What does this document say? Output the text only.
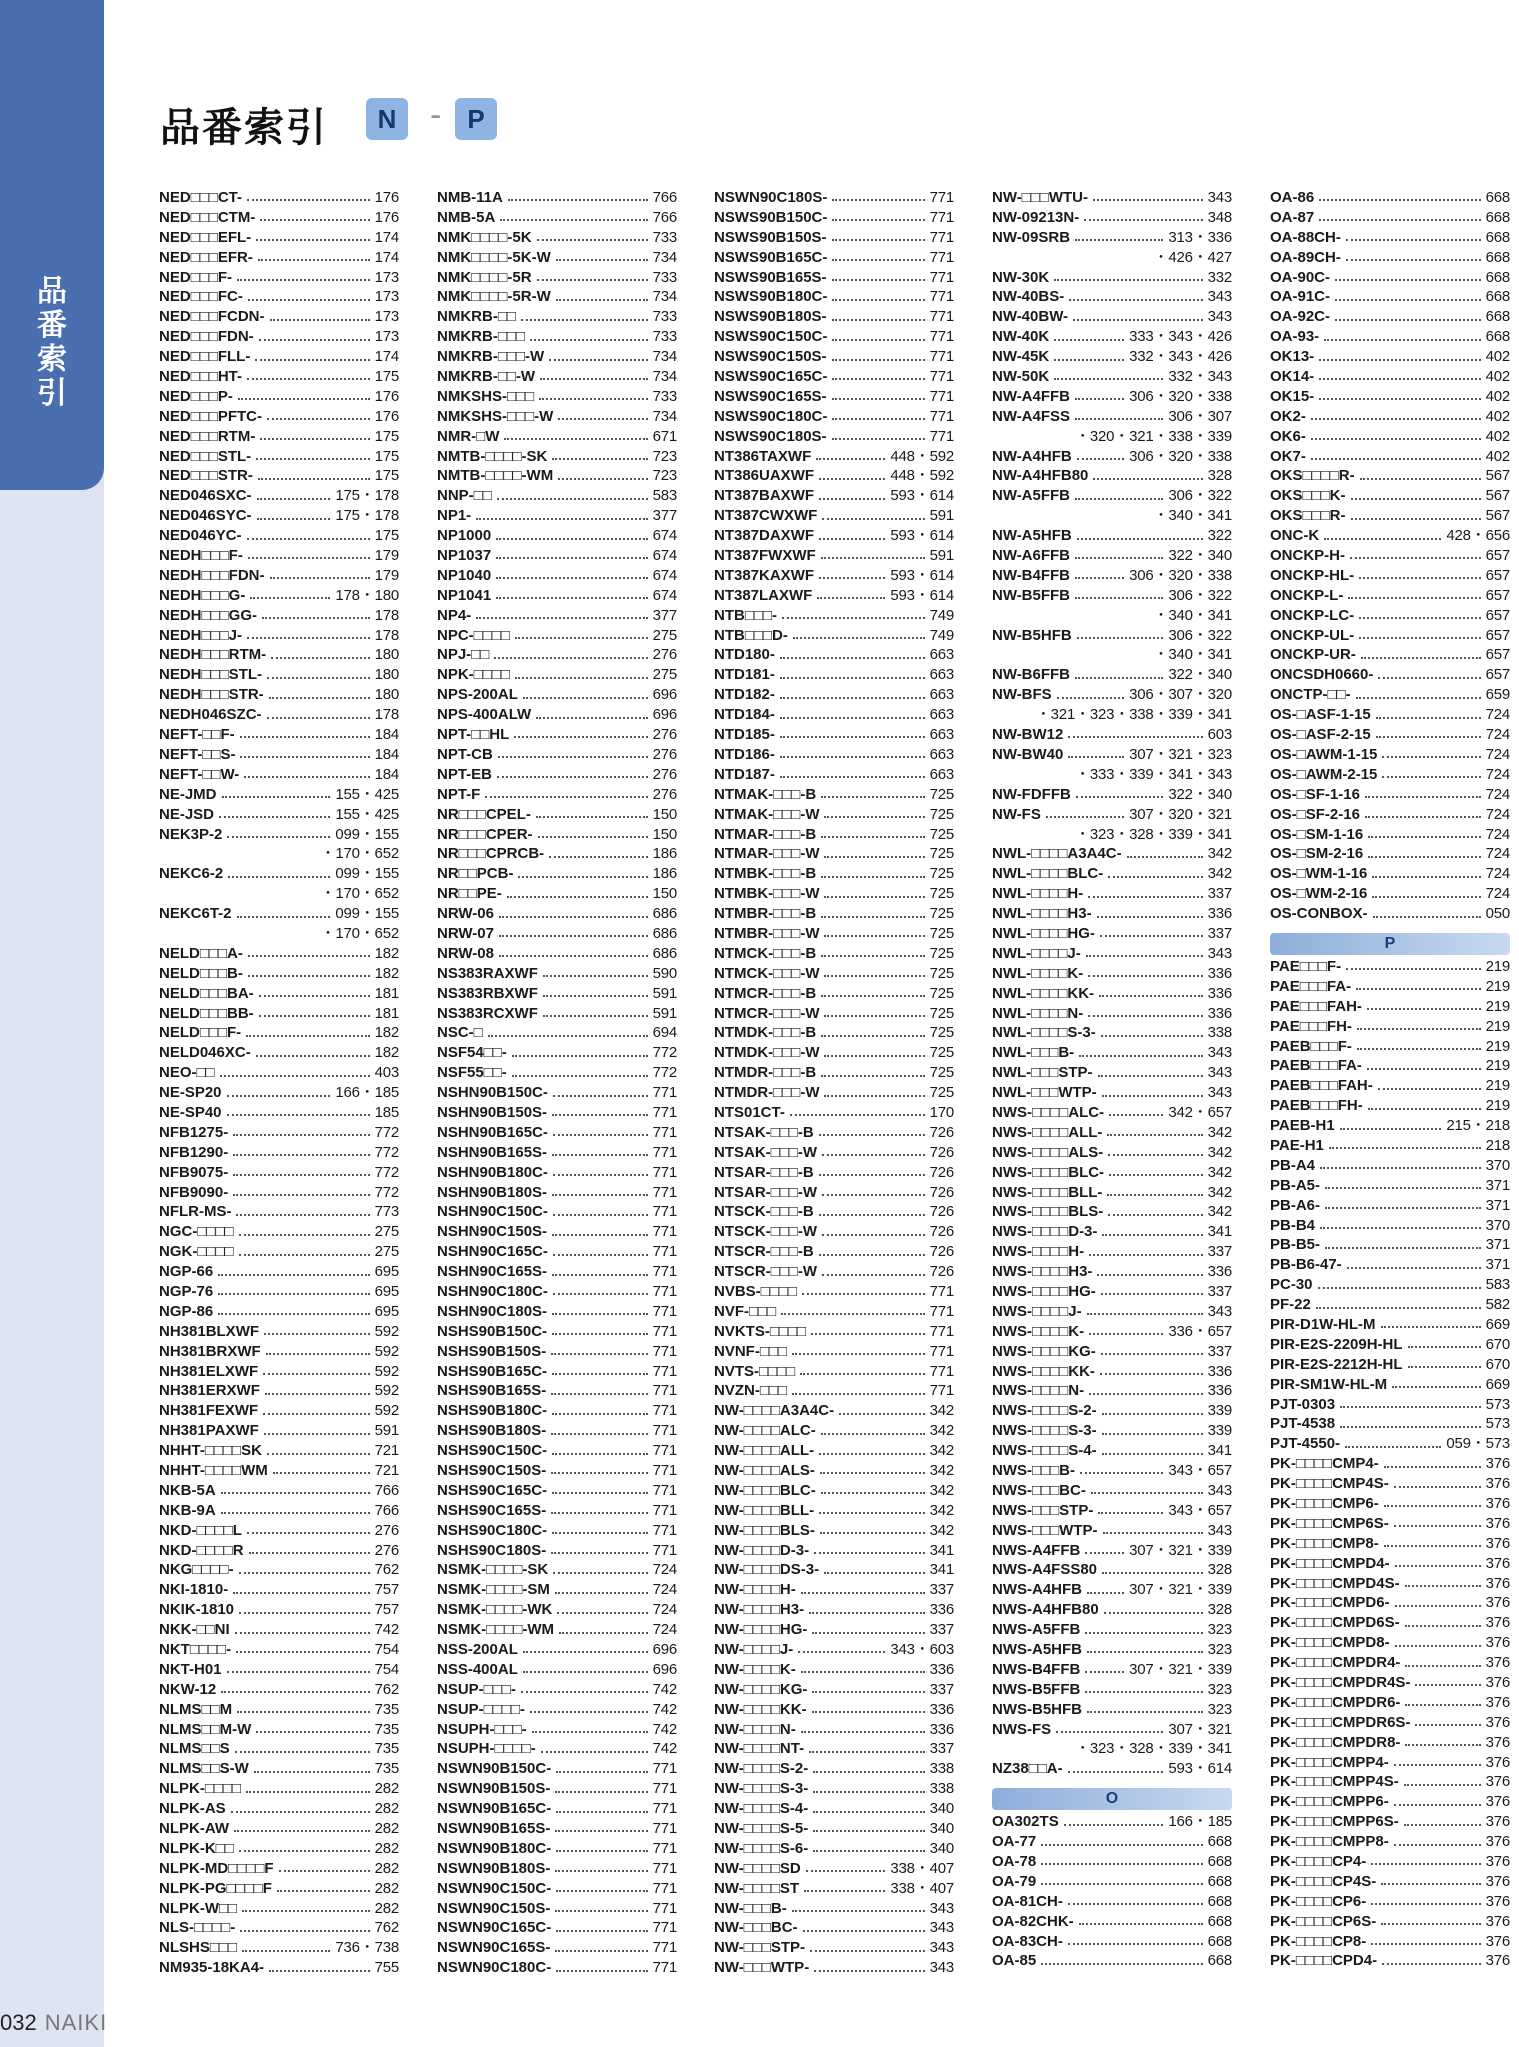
品
番
索
引
品番索引	N -	P
NED□□□CT-	176
NED□□□CTM-	176
NED□□□EFL-	174
NED□□□EFR-	174
NED□□□F-	173
NED□□□FC-	173
NED□□□FCDN-	173
NED□□□FDN-	173
NED□□□FLL-	174
NED□□□HT-	175
NED□□□P-	176
NED□□□PFTC-	176
NED□□□RTM-	175
NED□□□STL-	175
NED□□□STR-	175
NED046SXC-	175・178
NED046SYC-	175・178
NED046YC-	175
NEDH□□□F-	179
NEDH□□□FDN-	179
NEDH□□□G-	178・180
NEDH□□□GG-	178
NEDH□□□J-	178
NEDH□□□RTM-	180
NEDH□□□STL-	180
NEDH□□□STR-	180
NEDH046SZC-	178
NEFT-□□F-	184
NEFT-□□S-	184
NEFT-□□W-	184
NE-JMD	155・425
NE-JSD	155・425
NEK3P-2	099・155
・170・652
NEKC6-2	099・155
・170・652
NEKC6T-2	099・155
・170・652
NELD□□□A-	182
NELD□□□B-	182
NELD□□□BA-	181
NELD□□□BB-	181
NELD□□□F-	182
NELD046XC-	182
NEO-□□	403
NE-SP20	166・185
NE-SP40	185
NFB1275-	772
NFB1290-	772
NFB9075-	772
NFB9090-	772
NFLR-MS-	773
NGC-□□□□	275
NGK-□□□□	275
NGP-66	695
NGP-76	695
NGP-86	695
NH381BLXWF	592
NH381BRXWF	592
NH381ELXWF	592
NH381ERXWF	592
NH381FEXWF	592
NH381PAXWF	591
NHHT-□□□□SK	721
NHHT-□□□□WM	721
NKB-5A	766
NKB-9A	766
NKD-□□□□L	276
NKD-□□□□R	276
NKG□□□□-	762
NKI-1810-	757
NKIK-1810	757
NKK-□□NI	742
NKT□□□□-	754
NKT-H01	754
NKW-12	762
NLMS□□M	735
NLMS□□M-W	735
NLMS□□S	735
NLMS□□S-W	735
NLPK-□□□□	282
NLPK-AS	282
NLPK-AW	282
NLPK-K□□	282
NLPK-MD□□□□F	282
NLPK-PG□□□□F	282
NLPK-W□□	282
NLS-□□□□-	762
NLSHS□□□	736・738
NM935-18KA4-	755
NMB-11A	766
NMB-5A	766
NMK□□□□-5K	733
NMK□□□□-5K-W	734
NMK□□□□-5R	733
NMK□□□□-5R-W	734
NMKRB-□□	733
NMKRB-□□□	733
NMKRB-□□□-W	734
NMKRB-□□-W	734
NMKSHS-□□□	733
NMKSHS-□□□-W	734
NMR-□W	671
NMTB-□□□□-SK	723
NMTB-□□□□-WM	723
NNP-□□	583
NP1-	377
NP1000	674
NP1037	674
NP1040	674
NP1041	674
NP4-	377
NPC-□□□□	275
NPJ-□□	276
NPK-□□□□	275
NPS-200AL	696
NPS-400ALW	696
NPT-□□HL	276
NPT-CB	276
NPT-EB	276
NPT-F	276
NR□□□CPEL-	150
NR□□□CPER-	150
NR□□□CPRCB-	186
NR□□PCB-	186
NR□□PE-	150
NRW-06	686
NRW-07	686
NRW-08	686
NS383RAXWF	590
NS383RBXWF	591
NS383RCXWF	591
NSC-□	694
NSF54□□-	772
NSF55□□-	772
NSHN90B150C-	771
NSHN90B150S-	771
NSHN90B165C-	771
NSHN90B165S-	771
NSHN90B180C-	771
NSHN90B180S-	771
NSHN90C150C-	771
NSHN90C150S-	771
NSHN90C165C-	771
NSHN90C165S-	771
NSHN90C180C-	771
NSHN90C180S-	771
NSHS90B150C-	771
NSHS90B150S-	771
NSHS90B165C-	771
NSHS90B165S-	771
NSHS90B180C-	771
NSHS90B180S-	771
NSHS90C150C-	771
NSHS90C150S-	771
NSHS90C165C-	771
NSHS90C165S-	771
NSHS90C180C-	771
NSHS90C180S-	771
NSMK-□□□□-SK	724
NSMK-□□□□-SM	724
NSMK-□□□□-WK	724
NSMK-□□□□-WM	724
NSS-200AL	696
NSS-400AL	696
NSUP-□□□-	742
NSUP-□□□□-	742
NSUPH-□□□-	742
NSUPH-□□□□-	742
NSWN90B150C-	771
NSWN90B150S-	771
NSWN90B165C-	771
NSWN90B165S-	771
NSWN90B180C-	771
NSWN90B180S-	771
NSWN90C150C-	771
NSWN90C150S-	771
NSWN90C165C-	771
NSWN90C165S-	771
NSWN90C180C-	771
NSWN90C180S-	771
NSWS90B150C-	771
NSWS90B150S-	771
NSWS90B165C-	771
NSWS90B165S-	771
NSWS90B180C-	771
NSWS90B180S-	771
NSWS90C150C-	771
NSWS90C150S-	771
NSWS90C165C-	771
NSWS90C165S-	771
NSWS90C180C-	771
NSWS90C180S-	771
NT386TAXWF	448・592
NT386UAXWF	448・592
NT387BAXWF	593・614
NT387CWXWF	591
NT387DAXWF	593・614
NT387FWXWF	591
NT387KAXWF	593・614
NT387LAXWF	593・614
NTB□□□-	749
NTB□□□D-	749
NTD180-	663
NTD181-	663
NTD182-	663
NTD184-	663
NTD185-	663
NTD186-	663
NTD187-	663
NTMAK-□□□-B	725
NTMAK-□□□-W	725
NTMAR-□□□-B	725
NTMAR-□□□-W	725
NTMBK-□□□-B	725
NTMBK-□□□-W	725
NTMBR-□□□-B	725
NTMBR-□□□-W	725
NTMCK-□□□-B	725
NTMCK-□□□-W	725
NTMCR-□□□-B	725
NTMCR-□□□-W	725
NTMDK-□□□-B	725
NTMDK-□□□-W	725
NTMDR-□□□-B	725
NTMDR-□□□-W	725
NTS01CT-	170
NTSAK-□□□-B	726
NTSAK-□□□-W	726
NTSAR-□□□-B	726
NTSAR-□□□-W	726
NTSCK-□□□-B	726
NTSCK-□□□-W	726
NTSCR-□□□-B	726
NTSCR-□□□-W	726
NVBS-□□□□	771
NVF-□□□	771
NVKTS-□□□□	771
NVNF-□□□	771
NVTS-□□□□	771
NVZN-□□□	771
NW-□□□□A3A4C-	342
NW-□□□□ALC-	342
NW-□□□□ALL-	342
NW-□□□□ALS-	342
NW-□□□□BLC-	342
NW-□□□□BLL-	342
NW-□□□□BLS-	342
NW-□□□□D-3-	341
NW-□□□□DS-3-	341
NW-□□□□H-	337
NW-□□□□H3-	336
NW-□□□□HG-	337
NW-□□□□J-	343・603
NW-□□□□K-	336
NW-□□□□KG-	337
NW-□□□□KK-	336
NW-□□□□N-	336
NW-□□□□NT-	337
NW-□□□□S-2-	338
NW-□□□□S-3-	338
NW-□□□□S-4-	340
NW-□□□□S-5-	340
NW-□□□□S-6-	340
NW-□□□□SD	338・407
NW-□□□□ST	338・407
NW-□□□B-	343
NW-□□□BC-	343
NW-□□□STP-	343
NW-□□□WTP-	343
NW-□□□WTU-	343
NW-09213N-	348
NW-09SRB	313・336
・426・427
NW-30K	332
NW-40BS-	343
NW-40BW-	343
NW-40K	333・343・426
NW-45K	332・343・426
NW-50K	332・343
NW-A4FFB	306・320・338
NW-A4FSS	306・307
・320・321・338・339
NW-A4HFB	306・320・338
NW-A4HFB80	328
NW-A5FFB	306・322
・340・341
NW-A5HFB	322
NW-A6FFB	322・340
NW-B4FFB	306・320・338
NW-B5FFB	306・322
・340・341
NW-B5HFB	306・322
・340・341
NW-B6FFB	322・340
NW-BFS	306・307・320
・321・323・338・339・341
NW-BW12	603
NW-BW40	307・321・323
・333・339・341・343
NW-FDFFB	322・340
NW-FS	307・320・321
・323・328・339・341
NWL-□□□□A3A4C-	342
NWL-□□□□BLC-	342
NWL-□□□□H-	337
NWL-□□□□H3-	336
NWL-□□□□HG-	337
NWL-□□□□J-	343
NWL-□□□□K-	336
NWL-□□□□KK-	336
NWL-□□□□N-	336
NWL-□□□□S-3-	338
NWL-□□□B-	343
NWL-□□□STP-	343
NWL-□□□WTP-	343
NWS-□□□□ALC-	342・657
NWS-□□□□ALL-	342
NWS-□□□□ALS-	342
NWS-□□□□BLC-	342
NWS-□□□□BLL-	342
NWS-□□□□BLS-	342
NWS-□□□□D-3-	341
NWS-□□□□H-	337
NWS-□□□□H3-	336
NWS-□□□□HG-	337
NWS-□□□□J-	343
NWS-□□□□K-	336・657
NWS-□□□□KG-	337
NWS-□□□□KK-	336
NWS-□□□□N-	336
NWS-□□□□S-2-	339
NWS-□□□□S-3-	339
NWS-□□□□S-4-	341
NWS-□□□B-	343・657
NWS-□□□BC-	343
NWS-□□□STP-	343・657
NWS-□□□WTP-	343
NWS-A4FFB	307・321・339
NWS-A4FSS80	328
NWS-A4HFB	307・321・339
NWS-A4HFB80	328
NWS-A5FFB	323
NWS-A5HFB	323
NWS-B4FFB	307・321・339
NWS-B5FFB	323
NWS-B5HFB	323
NWS-FS	307・321
・323・328・339・341
NZ38□□A-	593・614
O
OA302TS	166・185
OA-77	668
OA-78	668
OA-79	668
OA-81CH-	668
OA-82CHK-	668
OA-83CH-	668
OA-85	668
OA-86	668
OA-87	668
OA-88CH-	668
OA-89CH-	668
OA-90C-	668
OA-91C-	668
OA-92C-	668
OA-93-	668
OK13-	402
OK14-	402
OK15-	402
OK2-	402
OK6-	402
OK7-	402
OKS□□□□R-	567
OKS□□□K-	567
OKS□□□R-	567
ONC-K	428・656
ONCKP-H-	657
ONCKP-HL-	657
ONCKP-L-	657
ONCKP-LC-	657
ONCKP-UL-	657
ONCKP-UR-	657
ONCSDH0660-	657
ONCTP-□□-	659
OS-□ASF-1-15	724
OS-□ASF-2-15	724
OS-□AWM-1-15	724
OS-□AWM-2-15	724
OS-□SF-1-16	724
OS-□SF-2-16	724
OS-□SM-1-16	724
OS-□SM-2-16	724
OS-□WM-1-16	724
OS-□WM-2-16	724
OS-CONBOX-	050
P
PAE□□□F-	219
PAE□□□FA-	219
PAE□□□FAH-	219
PAE□□□FH-	219
PAEB□□□F-	219
PAEB□□□FA-	219
PAEB□□□FAH-	219
PAEB□□□FH-	219
PAEB-H1	215・218
PAE-H1	218
PB-A4	370
PB-A5-	371
PB-A6-	371
PB-B4	370
PB-B5-	371
PB-B6-47-	371
PC-30	583
PF-22	582
PIR-D1W-HL-M	669
PIR-E2S-2209H-HL	670
PIR-E2S-2212H-HL	670
PIR-SM1W-HL-M	669
PJT-0303	573
PJT-4538	573
PJT-4550-	059・573
PK-□□□□CMP4-	376
PK-□□□□CMP4S-	376
PK-□□□□CMP6-	376
PK-□□□□CMP6S-	376
PK-□□□□CMP8-	376
PK-□□□□CMPD4-	376
PK-□□□□CMPD4S-	376
PK-□□□□CMPD6-	376
PK-□□□□CMPD6S-	376
PK-□□□□CMPD8-	376
PK-□□□□CMPDR4-	376
PK-□□□□CMPDR4S-	376
PK-□□□□CMPDR6-	376
PK-□□□□CMPDR6S-	376
PK-□□□□CMPDR8-	376
PK-□□□□CMPP4-	376
PK-□□□□CMPP4S-	376
PK-□□□□CMPP6-	376
PK-□□□□CMPP6S-	376
PK-□□□□CMPP8-	376
PK-□□□□CP4-	376
PK-□□□□CP4S-	376
PK-□□□□CP6-	376
PK-□□□□CP6S-	376
PK-□□□□CP8-	376
PK-□□□□CPD4-	376
032 NAIKI
